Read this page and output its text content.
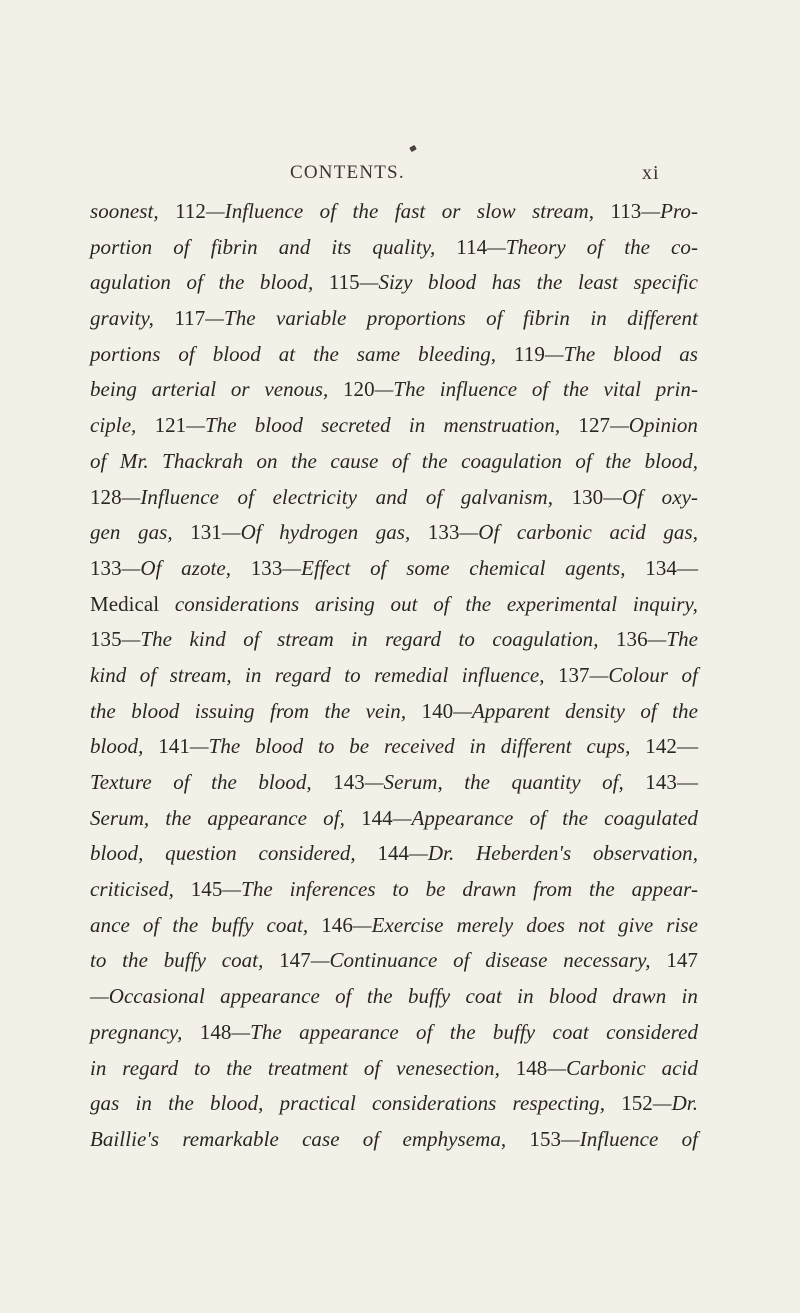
CONTENTS.	xi
soonest, 112—Influence of the fast or slow stream, 113—Pro-
portion of fibrin and its quality, 114—Theory of the co-
agulation of the blood, 115—Sizy blood has the least specific
gravity, 117—The variable proportions of fibrin in different
portions of blood at the same bleeding, 119—The blood as
being arterial or venous, 120—The influence of the vital prin-
ciple, 121—The blood secreted in menstruation, 127—Opinion
of Mr. Thackrah on the cause of the coagulation of the blood,
128—Influence of electricity and of galvanism, 130—Of oxy-
gen gas, 131—Of hydrogen gas, 133—Of carbonic acid gas,
133—Of azote, 133—Effect of some chemical agents, 134—
Medical considerations arising out of the experimental inquiry,
135—The kind of stream in regard to coagulation, 136—The
kind of stream, in regard to remedial influence, 137—Colour of
the blood issuing from the vein, 140—Apparent density of the
blood, 141—The blood to be received in different cups, 142—
Texture of the blood, 143—Serum, the quantity of, 143—
Serum, the appearance of, 144—Appearance of the coagulated
blood, question considered, 144—Dr. Heberden's observation,
criticised, 145—The inferences to be drawn from the appear-
ance of the buffy coat, 146—Exercise merely does not give rise
to the buffy coat, 147—Continuance of disease necessary, 147
—Occasional appearance of the buffy coat in blood drawn in
pregnancy, 148—The appearance of the buffy coat considered
in regard to the treatment of venesection, 148—Carbonic acid
gas in the blood, practical considerations respecting, 152—Dr.
Baillie's remarkable case of emphysema, 153—Influence of
